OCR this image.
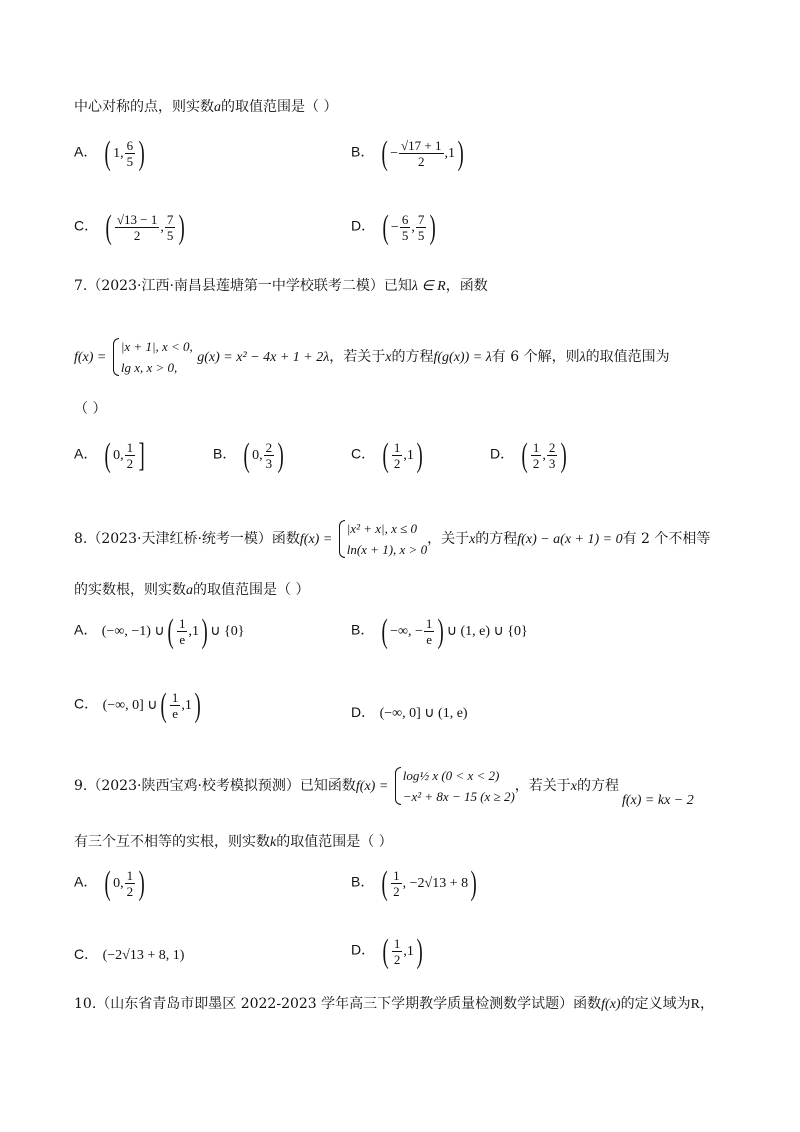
中心对称的点，则实数a的取值范围是（ ）
A． ( 1, $\frac{6}{5}$ )	B． ( − $\frac{√17 + 1}{2} ,1$)
C． ( $\frac{√13 - 1}{2}$ , $\frac{7}{5}$ )	D． ( − $\frac{6}{5}$ , $\frac{7}{5}$ )
7.（2023·江西·南昌县莲塘第一中学校联考二模）已知λ ∈ R，函数
f(x) =
|x + 1|, x < 0,
lg x, x > 0,
g(x) = x² − 4x + 1 + 2λ，若关于x的方程f(g(x)) = λ有 6 个解，则λ的取值范围为
（ ）
A． ( 0, $\frac{1}{2}$ ]	B． ( 0, $\frac{2}{3}$ )	C． ( $\frac{1}{2} ,1$)	D． ( $\frac{1}{2}$ , $\frac{2}{3}$ )
8.（2023·天津红桥·统考一模）函数f(x) =
|x² + x|, x ≤ 0
ln(x + 1), x > 0
，关于x的方程f(x) − a(x + 1) = 0有 2 个不相等
的实数根，则实数a的取值范围是（ ）
A． (−∞, −1) ∪( $\frac{1}{e} ,1$) ∪ {0}	B． ( −∞, − $\frac{1}{e}$ ) ∪ (1, e) ∪ {0}
C． (−∞, 0] ∪( $\frac{1}{e} ,1$)	D． (−∞, 0] ∪ (1, e)
9.（2023·陕西宝鸡·校考模拟预测）已知函数f(x) =
log½ x (0 < x < 2)
−x² + 8x − 15 (x ≥ 2)
，若关于x的方程
f(x) = kx − 2
有三个互不相等的实根，则实数k的取值范围是（ ）
A． ( 0, $\frac{1}{2}$ )	B． ( $\frac{1}{2}$ , −2√13 + 8)
C． (−2√13 + 8, 1)	D． ( $\frac{1}{2} ,1$)
10.（山东省青岛市即墨区 2022-2023 学年高三下学期教学质量检测数学试题）函数f(x)的定义域为R，
